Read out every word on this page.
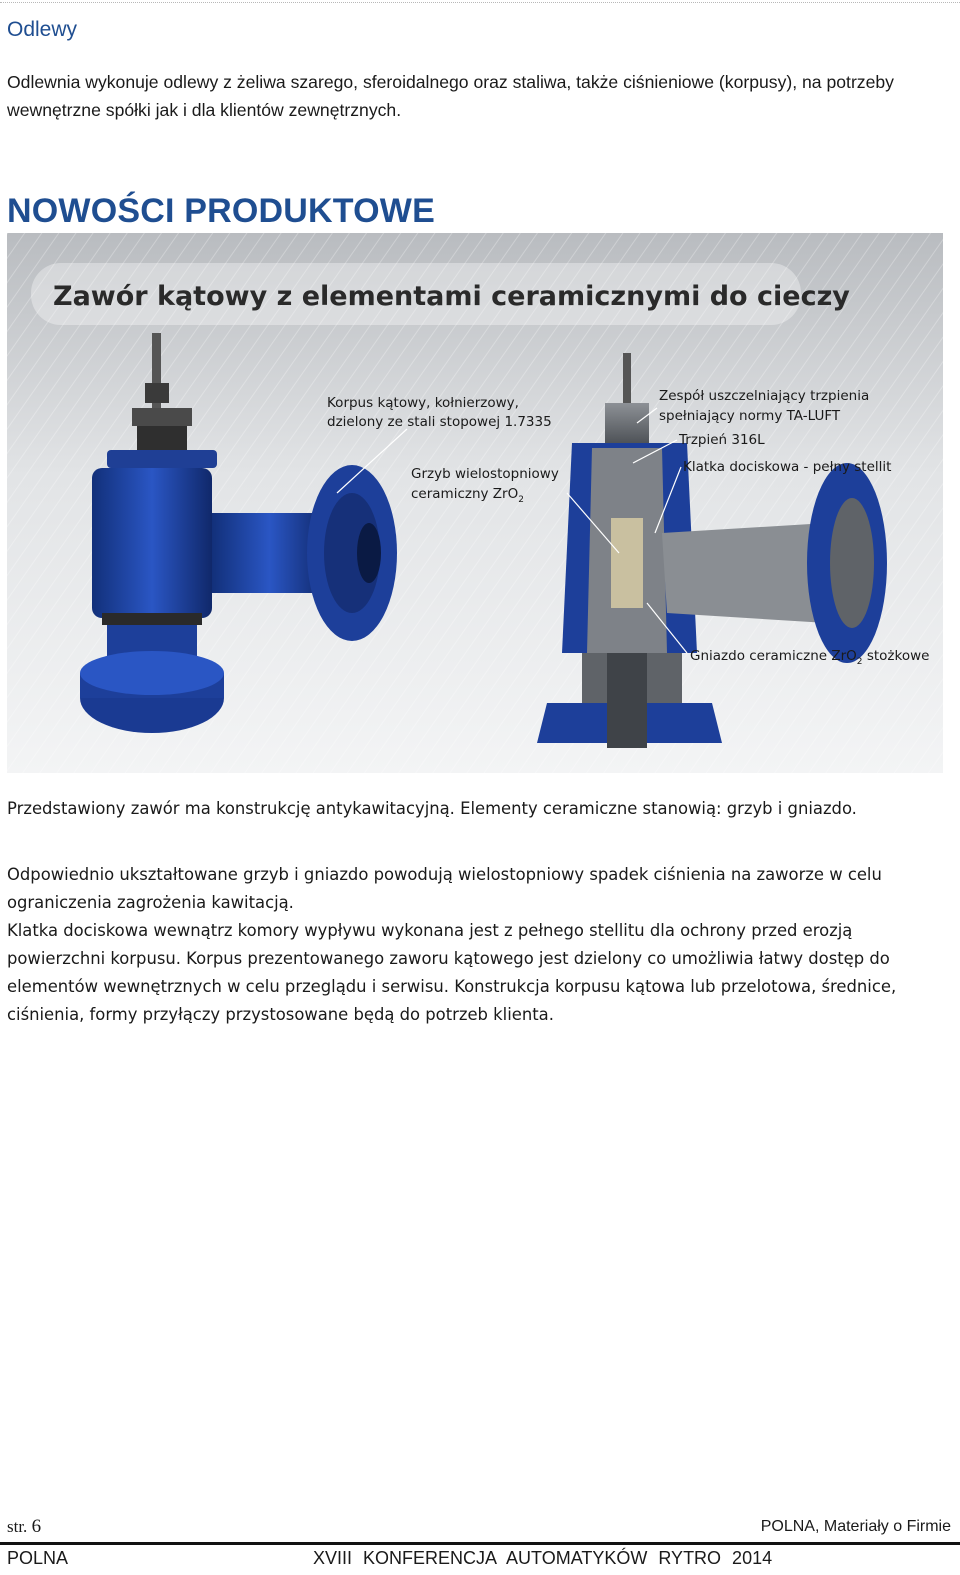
Odlewy

Odlewnia wykonuje odlewy z żeliwa szarego, sferoidalnego oraz staliwa, także ciśnieniowe (korpusy), na potrzeby wewnętrzne spółki jak i dla klientów zewnętrznych.

NOWOŚCI PRODUKTOWE
Zawór kątowy z elementami ceramicznymi do cieczy
Korpus kątowy, kołnierzowy,
dzielony ze stali stopowej 1.7335
Grzyb wielostopniowy
ceramiczny ZrO$_2$
Zespół uszczelniający trzpienia
spełniający normy TA-LUFT
Trzpień 316L
Klatka dociskowa - pełny stellit
Gniazdo ceramiczne ZrO$_2$ stożkowe

Przedstawiony zawór ma konstrukcję antykawitacyjną. Elementy ceramiczne stanowią: grzyb i gniazdo.

Odpowiednio ukształtowane grzyb i gniazdo powodują wielostopniowy spadek ciśnienia na zaworze w celu ograniczenia zagrożenia kawitacją.

Klatka dociskowa wewnątrz komory wypływu wykonana jest z pełnego stellitu dla ochrony przed erozją powierzchni korpusu. Korpus prezentowanego zaworu kątowego jest dzielony co umożliwia łatwy dostęp do elementów wewnętrznych w celu przeglądu i serwisu. Konstrukcja korpusu kątowa lub przelotowa, średnice, ciśnienia, formy przyłączy przystosowane będą do potrzeb klienta.

str. 6	POLNA, Materiały o Firmie
POLNA	XVIII KONFERENCJA AUTOMATYKÓW RYTRO 2014
